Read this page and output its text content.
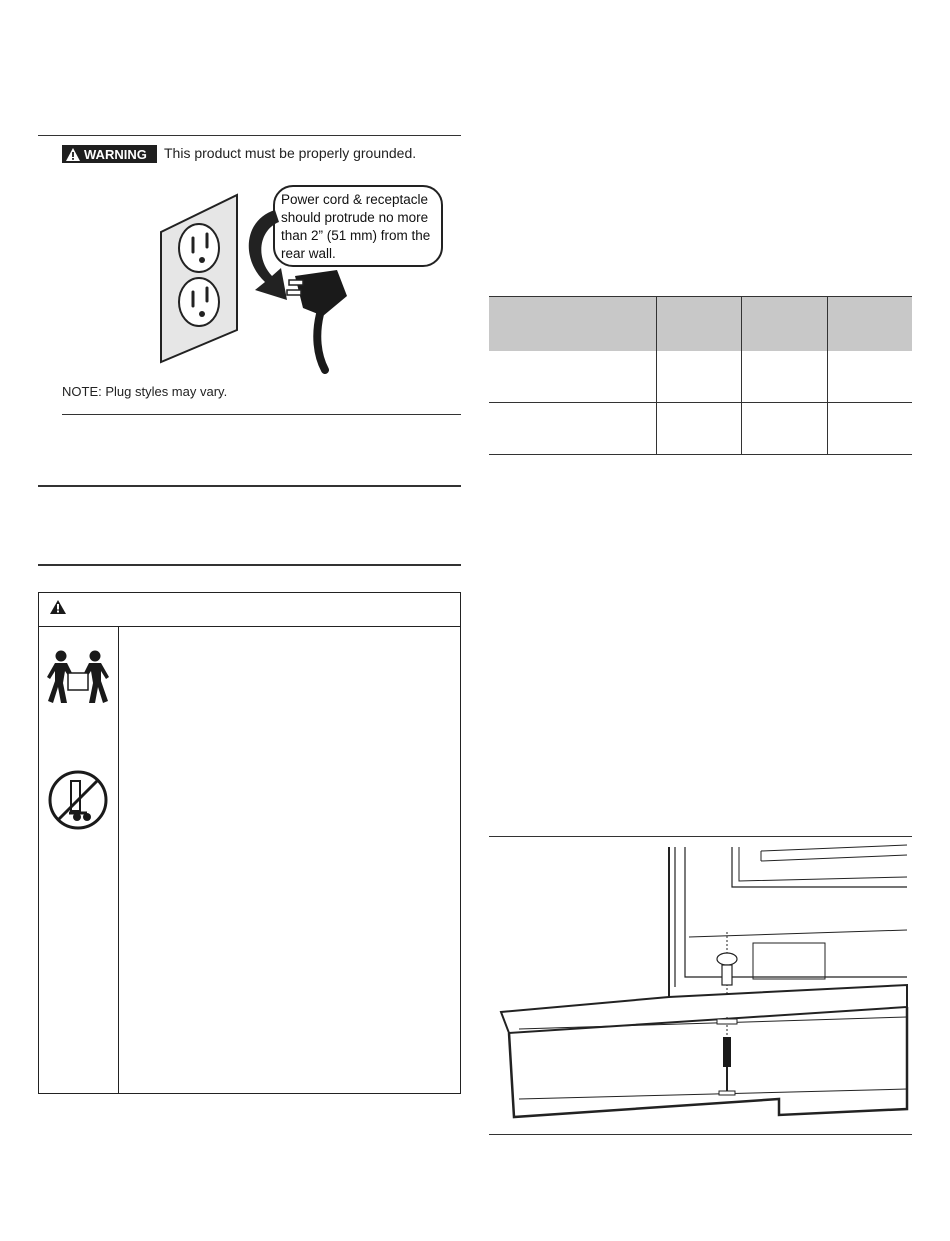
WARNING This product must be properly grounded.
Power cord & receptacle
should protrude no more
than 2” (51 mm) from the
rear wall.
NOTE: Plug styles may vary.
